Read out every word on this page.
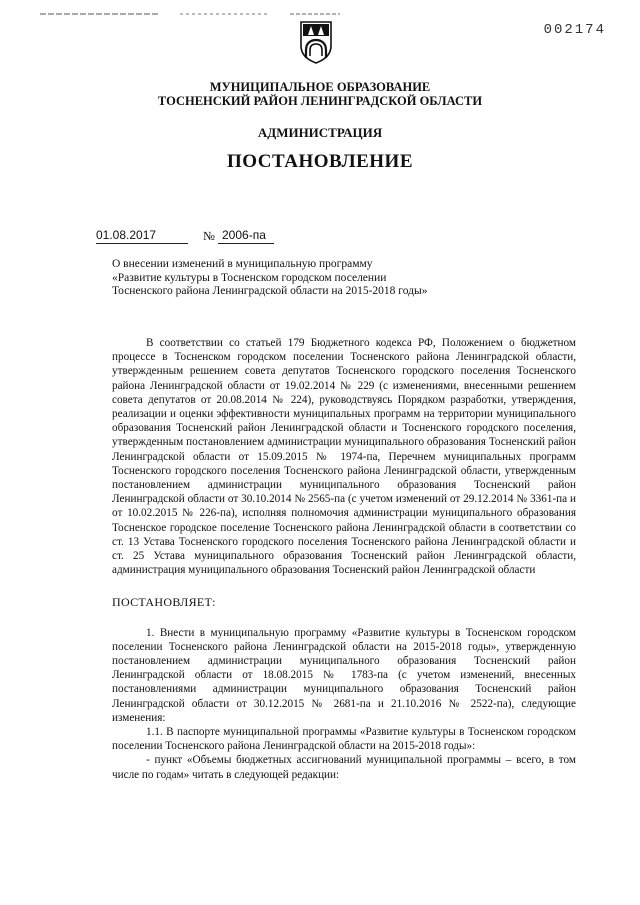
002174
МУНИЦИПАЛЬНОЕ ОБРАЗОВАНИЕ
ТОСНЕНСКИЙ РАЙОН ЛЕНИНГРАДСКОЙ ОБЛАСТИ
АДМИНИСТРАЦИЯ
ПОСТАНОВЛЕНИЕ
01.08.2017	№ 2006-па
О внесении изменений в муниципальную программу
«Развитие культуры в Тосненском городском поселении
Тосненского района Ленинградской области на 2015-2018 годы»

В соответствии со статьей 179 Бюджетного кодекса РФ, Положением о бюджетном процессе в Тосненском городском поселении Тосненского района Ленинградской области, утвержденным решением совета депутатов Тосненского городского поселения Тосненского района Ленинградской области от 19.02.2014 № 229 (с изменениями, внесенными решением совета депутатов от 20.08.2014 № 224), руководствуясь Порядком разработки, утверждения, реализации и оценки эффективности муниципальных программ на территории муниципального образования Тосненский район Ленинградской области и Тосненского городского поселения, утвержденным постановлением администрации муниципального образования Тосненский район Ленинградской области от 15.09.2015 № 1974-па, Перечнем муниципальных программ Тосненского городского поселения Тосненского района Ленинградской области, утвержденным постановлением администрации муниципального образования Тосненский район Ленинградской области от 30.10.2014 № 2565-па (с учетом изменений от 29.12.2014 № 3361-па и от 10.02.2015 № 226-па), исполняя полномочия администрации муниципального образования Тосненское городское поселение Тосненского района Ленинградской области в соответствии со ст. 13 Устава Тосненского городского поселения Тосненского района Ленинградской области и ст. 25 Устава муниципального образования Тосненский район Ленинградской области, администрация муниципального образования Тосненский район Ленинградской области

ПОСТАНОВЛЯЕТ:

1. Внести в муниципальную программу «Развитие культуры в Тосненском городском поселении Тосненского района Ленинградской области на 2015-2018 годы», утвержденную постановлением администрации муниципального образования Тосненский район Ленинградской области от 18.08.2015 № 1783-па (с учетом изменений, внесенных постановлениями администрации муниципального образования Тосненский район Ленинградской области от 30.12.2015 № 2681-па и 21.10.2016 № 2522-па), следующие изменения:

1.1. В паспорте муниципальной программы «Развитие культуры в Тосненском городском поселении Тосненского района Ленинградской области на 2015-2018 годы»:

- пункт «Объемы бюджетных ассигнований муниципальной программы – всего, в том числе по годам» читать в следующей редакции:
